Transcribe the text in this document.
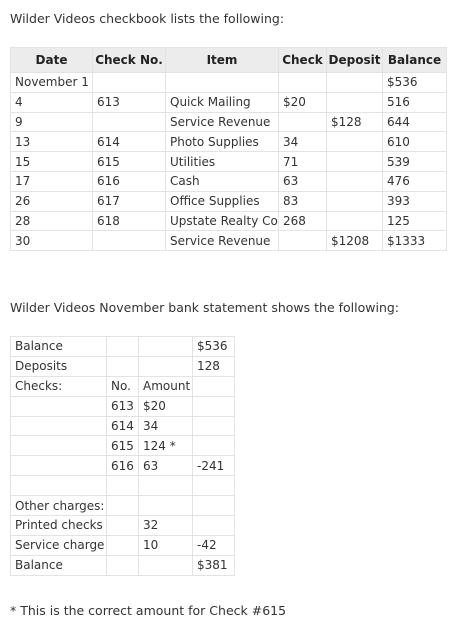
Wilder Videos checkbook lists the following:
Date	Check No.	Item	Check	Deposit	Balance
November 1					$536
4	613	Quick Mailing	$20		516
9		Service Revenue		$128	644
13	614	Photo Supplies	34		610
15	615	Utilities	71		539
17	616	Cash	63		476
26	617	Office Supplies	83		393
28	618	Upstate Realty Co	268		125
30		Service Revenue		$1208	$1333
Wilder Videos November bank statement shows the following:
Balance			$536
Deposits			128
Checks:	No.	Amount	
	613	$20	
	614	34	
	615	124 *	
	616	63	-241

Other charges:			
Printed checks		32	
Service charge		10	-42
Balance			$381
* This is the correct amount for Check #615
